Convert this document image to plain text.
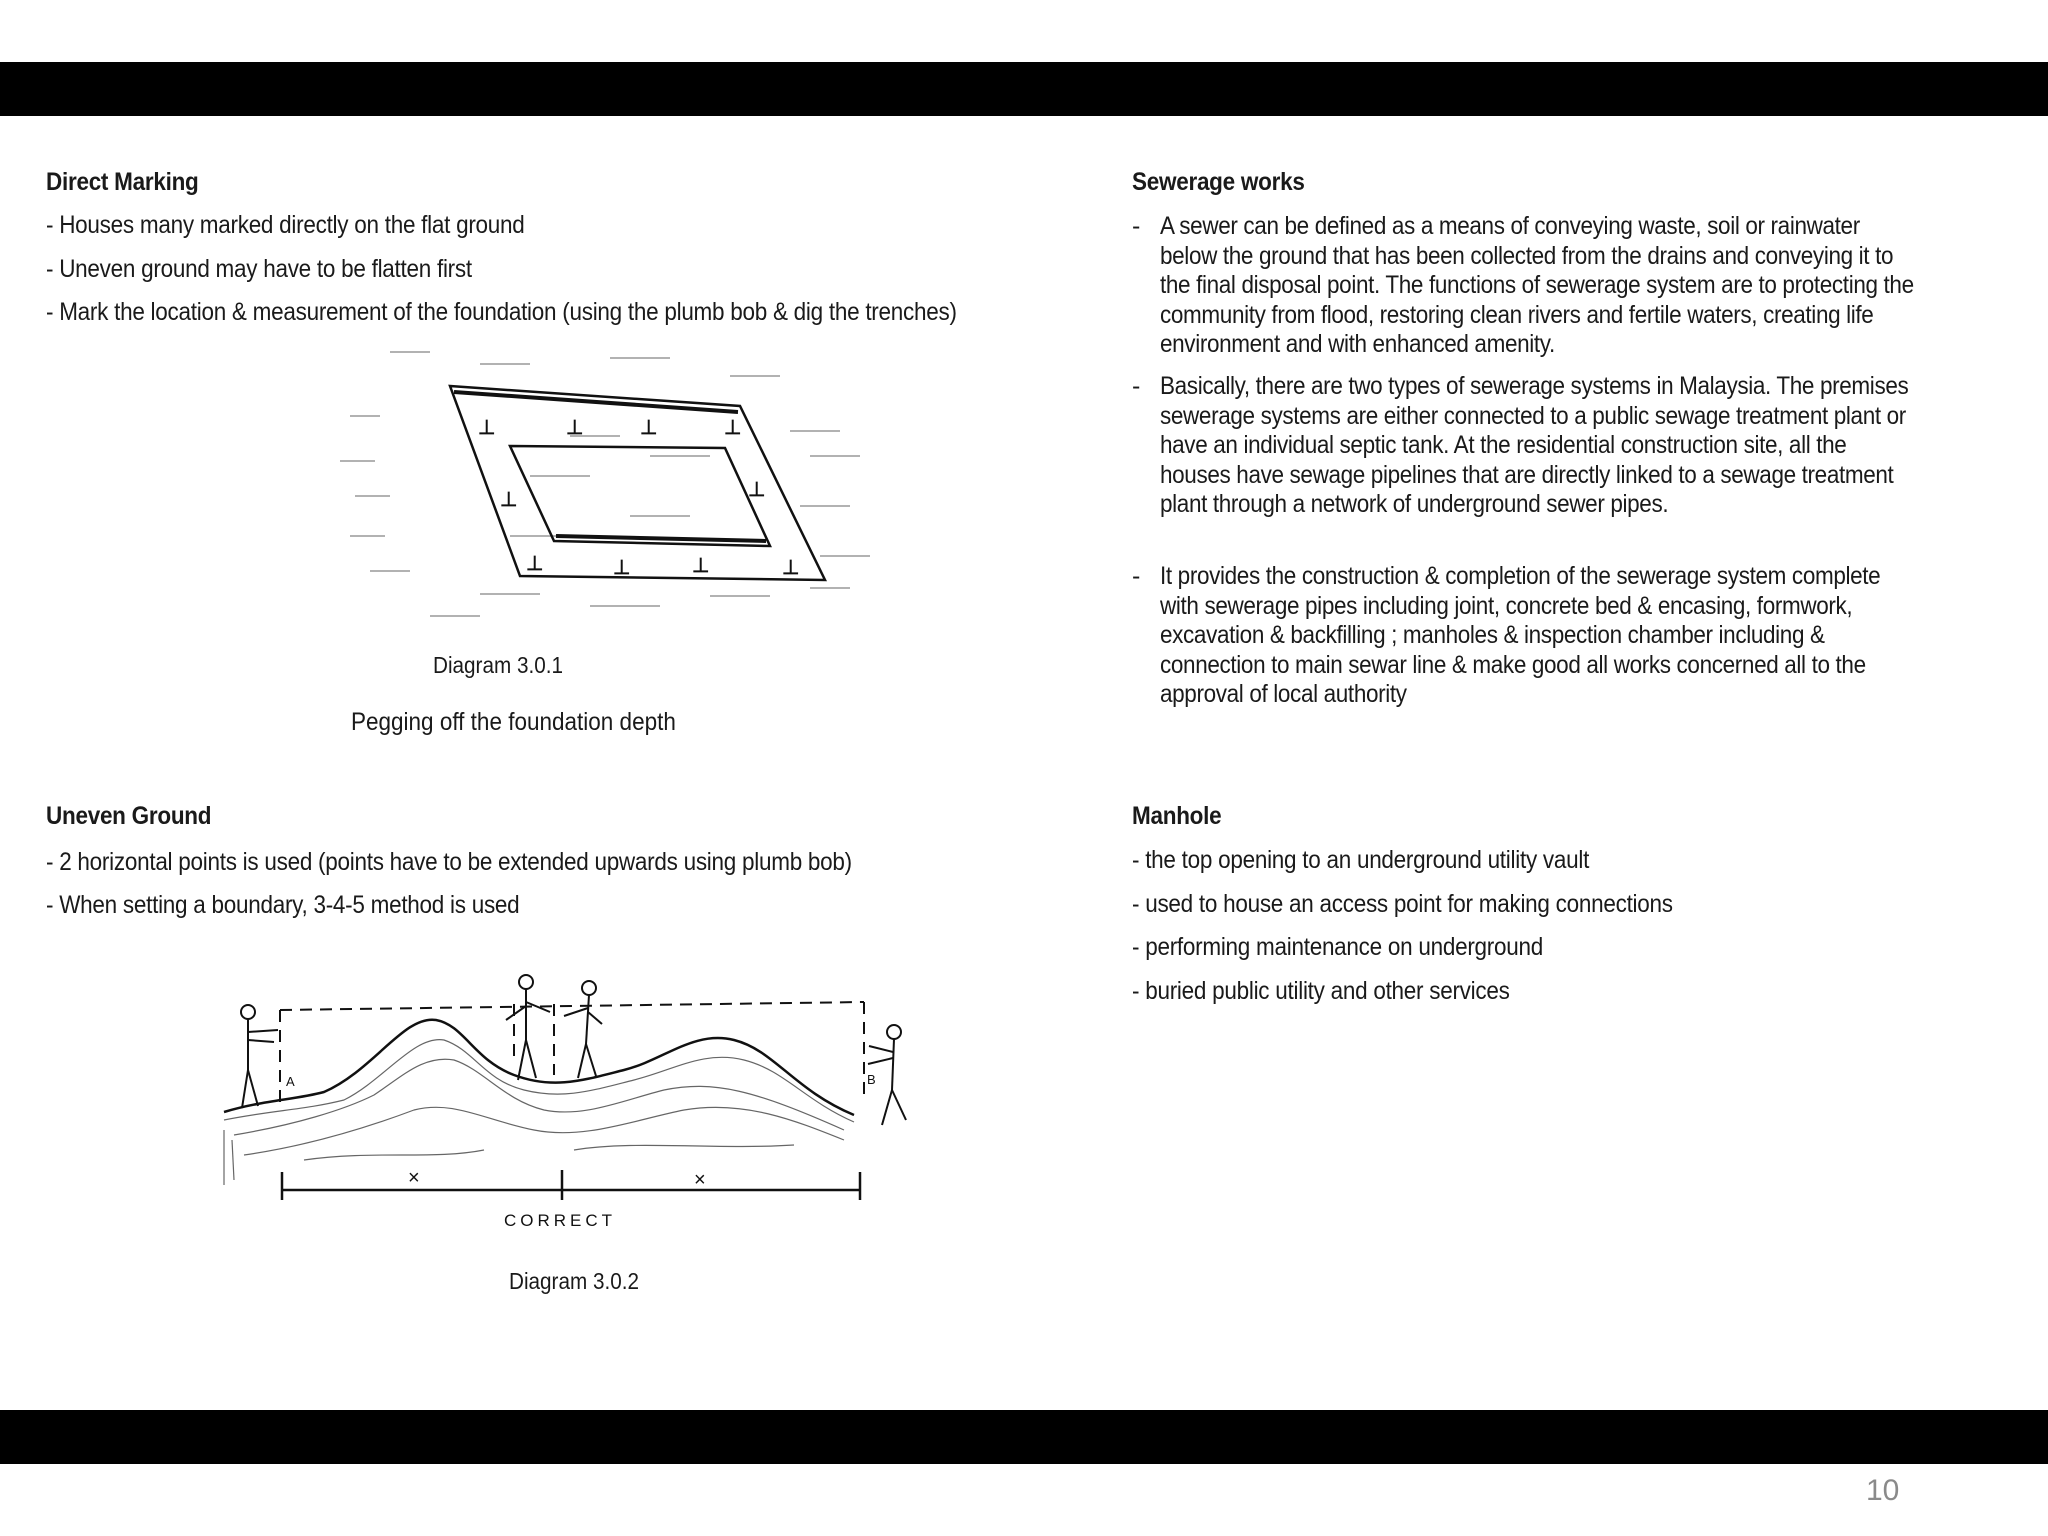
Direct Marking
- Houses many marked directly on the flat ground
- Uneven ground may have to be flatten first
- Mark the location & measurement of the foundation (using the plumb bob & dig the trenches)
⊥	⊥	⊥	⊥
⊥	⊥
⊥	⊥	⊥	⊥
Diagram 3.0.1
Pegging off the foundation depth
Uneven Ground
- 2 horizontal points is used (points have to be extended upwards using plumb bob)
- When setting a boundary, 3-4-5 method is used
A	B
×	×
CORRECT
Diagram 3.0.2
Sewerage works
- A sewer can be defined as a means of conveying waste, soil or rainwater below the ground that has been collected from the drains and conveying it to the final disposal point. The functions of sewerage system are to protecting the community from flood, restoring clean rivers and fertile waters, creating life environment and with enhanced amenity.
- Basically, there are two types of sewerage systems in Malaysia. The premises sewerage systems are either connected to a public sewage treatment plant or have an individual septic tank. At the residential construction site, all the houses have sewage pipelines that are directly linked to a sewage treatment plant through a network of underground sewer pipes.
- It provides the construction & completion of the sewerage system complete with sewerage pipes including joint, concrete bed & encasing, formwork, excavation & backfilling ; manholes & inspection chamber including & connection to main sewar line & make good all works concerned all to the approval of local authority
Manhole
- the top opening to an underground utility vault
- used to house an access point for making connections
- performing maintenance on underground
- buried public utility and other services
10
